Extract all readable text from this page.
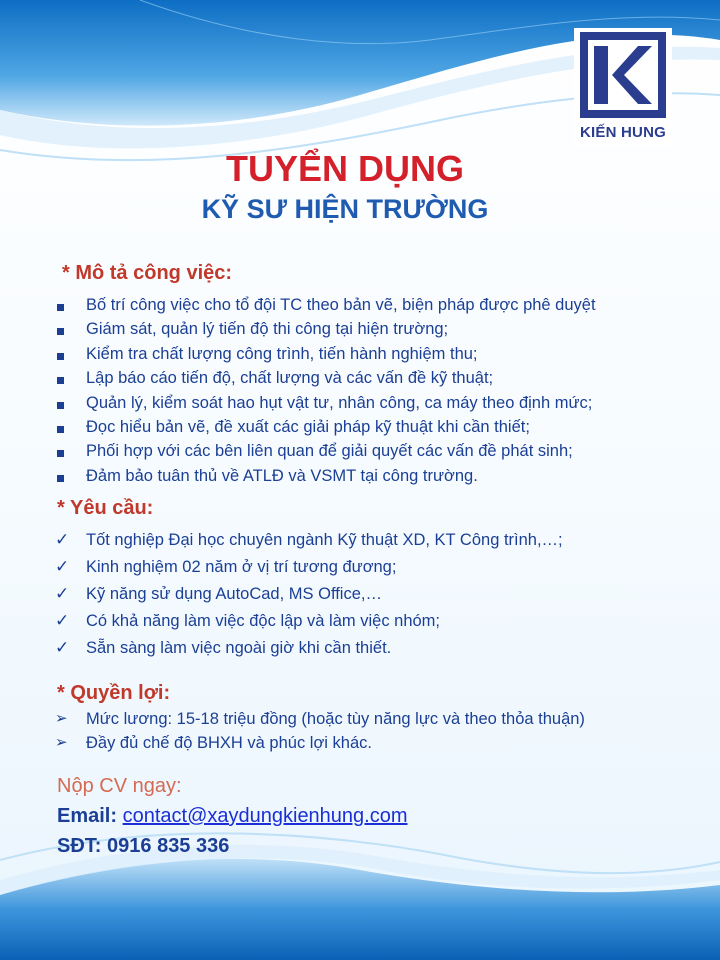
KIẾN HUNG
TUYỂN DỤNG
KỸ SƯ HIỆN TRƯỜNG
* Mô tả công việc:
Bố trí công việc cho tổ đội TC theo bản vẽ, biện pháp được phê duyệt
Giám sát, quản lý tiến độ thi công tại hiện trường;
Kiểm tra chất lượng công trình, tiến hành nghiệm thu;
Lập báo cáo tiến độ, chất lượng và các vấn đề kỹ thuật;
Quản lý, kiểm soát hao hụt vật tư, nhân công, ca máy theo định mức;
Đọc hiểu bản vẽ, đề xuất các giải pháp kỹ thuật khi cần thiết;
Phối hợp với các bên liên quan để giải quyết các vấn đề phát sinh;
Đảm bảo tuân thủ về ATLĐ và VSMT tại công trường.
* Yêu cầu:
✓ Tốt nghiệp Đại học chuyên ngành Kỹ thuật XD, KT Công trình,…;
✓ Kinh nghiệm 02 năm ở vị trí tương đương;
✓ Kỹ năng sử dụng AutoCad, MS Office,…
✓ Có khả năng làm việc độc lập và làm việc nhóm;
✓ Sẵn sàng làm việc ngoài giờ khi cần thiết.
* Quyền lợi:
➢ Mức lương: 15-18 triệu đồng (hoặc tùy năng lực và theo thỏa thuận)
➢ Đầy đủ chế độ BHXH và phúc lợi khác.
Nộp CV ngay:
Email: contact@xaydungkienhung.com
SĐT: 0916 835 336
